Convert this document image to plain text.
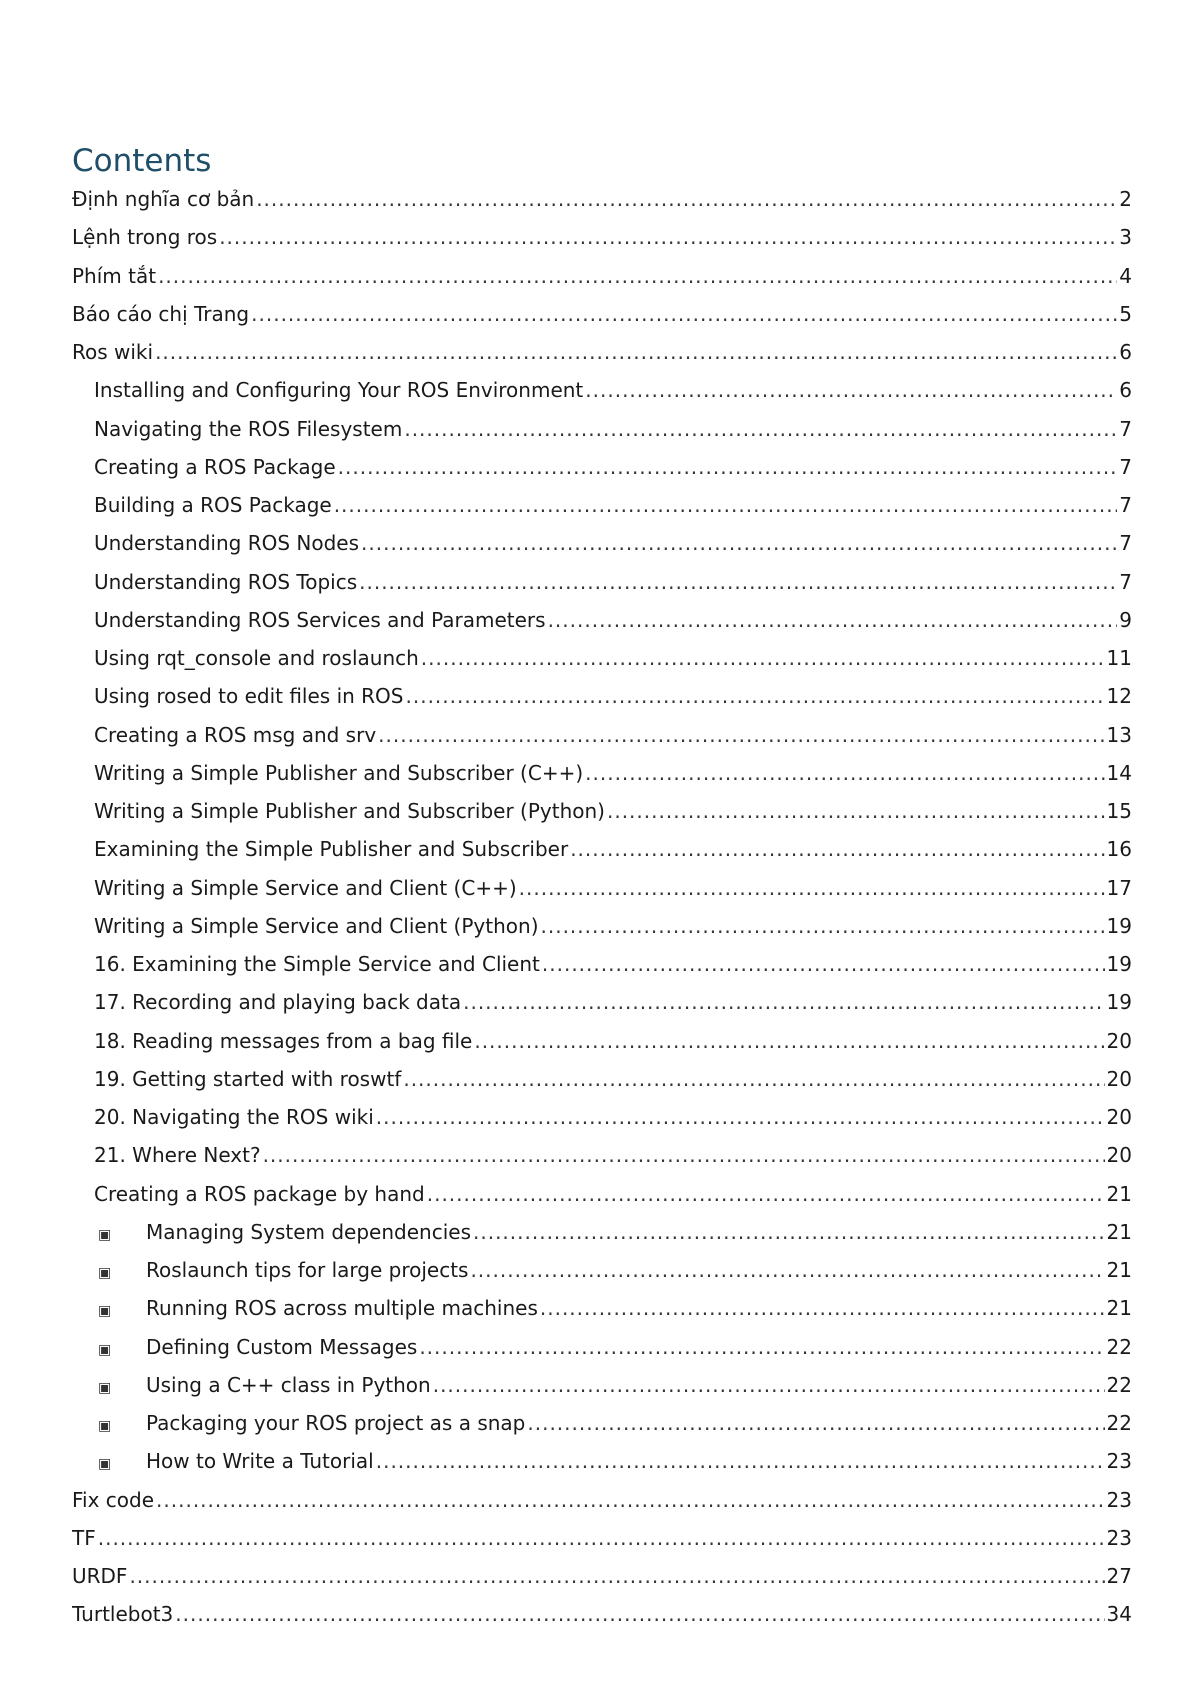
Contents
Định nghĩa cơ bản .....	2
Lệnh trong ros .....	3
Phím tắt .....	4
Báo cáo chị Trang .....	5
Ros wiki .....	6
Installing and Configuring Your ROS Environment .....	6
Navigating the ROS Filesystem .....	7
Creating a ROS Package .....	7
Building a ROS Package .....	7
Understanding ROS Nodes .....	7
Understanding ROS Topics .....	7
Understanding ROS Services and Parameters .....	9
Using rqt_console and roslaunch .....	11
Using rosed to edit files in ROS .....	12
Creating a ROS msg and srv .....	13
Writing a Simple Publisher and Subscriber (C++) .....	14
Writing a Simple Publisher and Subscriber (Python) .....	15
Examining the Simple Publisher and Subscriber .....	16
Writing a Simple Service and Client (C++) .....	17
Writing a Simple Service and Client (Python) .....	19
16. Examining the Simple Service and Client .....	19
17. Recording and playing back data .....	19
18. Reading messages from a bag file .....	20
19. Getting started with roswtf .....	20
20. Navigating the ROS wiki .....	20
21. Where Next? .....	20
Creating a ROS package by hand .....	21
▣	Managing System dependencies .....	21
▣	Roslaunch tips for large projects .....	21
▣	Running ROS across multiple machines .....	21
▣	Defining Custom Messages .....	22
▣	Using a C++ class in Python .....	22
▣	Packaging your ROS project as a snap .....	22
▣	How to Write a Tutorial .....	23
Fix code .....	23
TF .....	23
URDF .....	27
Turtlebot3 .....	34
